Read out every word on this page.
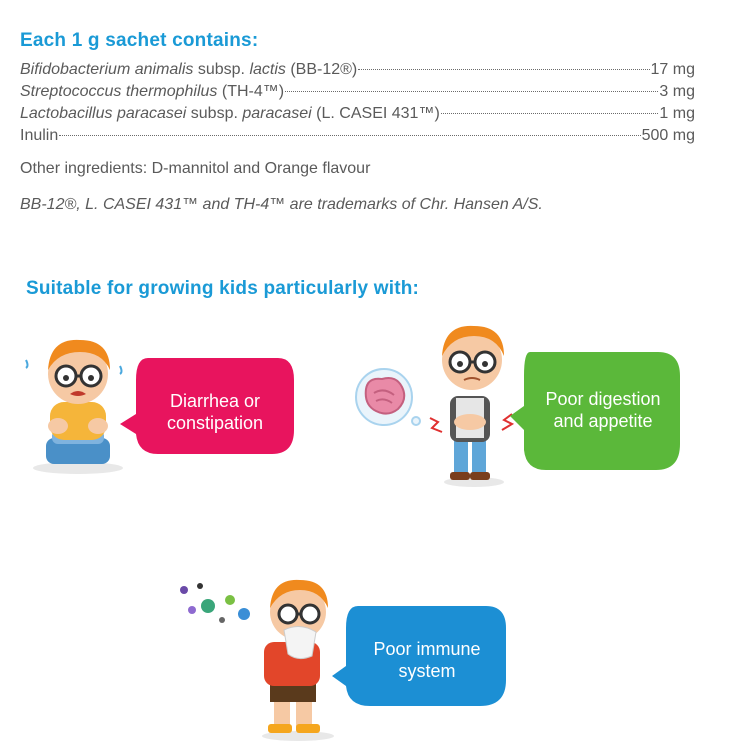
Each 1 g sachet contains:
Bifidobacterium animalis subsp. lactis (BB-12®)	17 mg
Streptococcus thermophilus (TH-4™)	3 mg
Lactobacillus paracasei subsp. paracasei (L. CASEI 431™)	1 mg
Inulin	500 mg
Other ingredients: D-mannitol and Orange flavour
BB-12®, L. CASEI 431™ and TH-4™ are trademarks of Chr. Hansen A/S.
Suitable for growing kids particularly with:
Diarrhea or
constipation
Poor digestion
and appetite
Poor immune
system
